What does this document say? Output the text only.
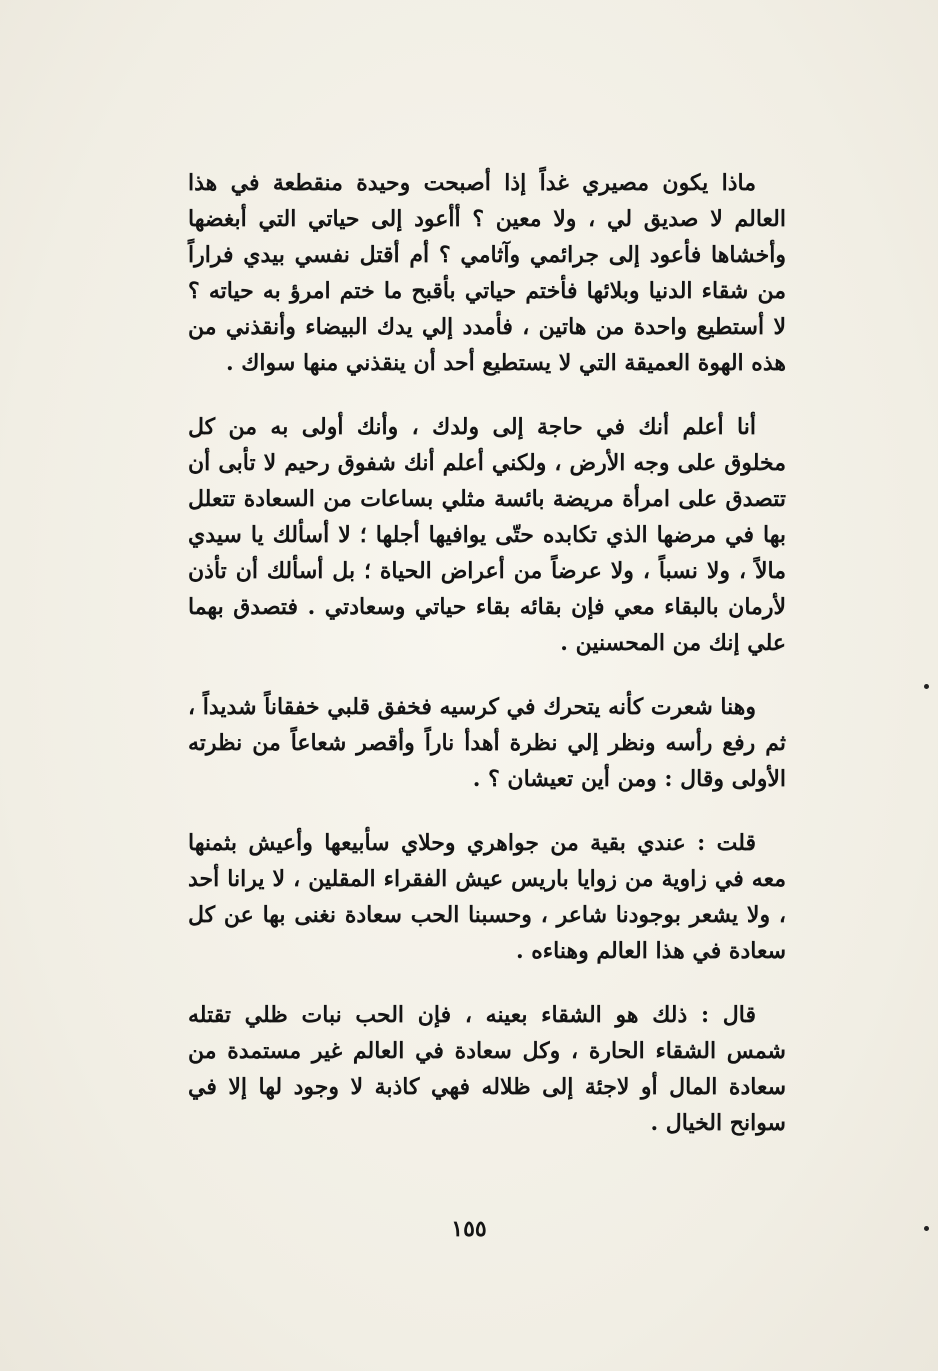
ماذا يكون مصيري غداً إذا أصبحت وحيدة منقطعة في هذا العالم لا صديق لي ، ولا معين ؟ أأعود إلى حياتي التي أبغضها وأخشاها فأعود إلى جرائمي وآثامي ؟ أم أقتل نفسي بيدي فراراً من شقاء الدنيا وبلائها فأختم حياتي بأقبح ما ختم امرؤ به حياته ؟ لا أستطيع واحدة من هاتين ، فأمدد إلي يدك البيضاء وأنقذني من هذه الهوة العميقة التي لا يستطيع أحد أن ينقذني منها سواك .

أنا أعلم أنك في حاجة إلى ولدك ، وأنك أولى به من كل مخلوق على وجه الأرض ، ولكني أعلم أنك شفوق رحيم لا تأبى أن تتصدق على امرأة مريضة بائسة مثلي بساعات من السعادة تتعلل بها في مرضها الذي تكابده حتّى يوافيها أجلها ؛ لا أسألك يا سيدي مالاً ، ولا نسباً ، ولا عرضاً من أعراض الحياة ؛ بل أسألك أن تأذن لأرمان بالبقاء معي فإن بقائه بقاء حياتي وسعادتي . فتصدق بهما علي إنك من المحسنين .

وهنا شعرت كأنه يتحرك في كرسيه فخفق قلبي خفقاناً شديداً ، ثم رفع رأسه ونظر إلي نظرة أهدأ ناراً وأقصر شعاعاً من نظرته الأولى وقال : ومن أين تعيشان ؟ .

قلت : عندي بقية من جواهري وحلاي سأبيعها وأعيش بثمنها معه في زاوية من زوايا باريس عيش الفقراء المقلين ، لا يرانا أحد ، ولا يشعر بوجودنا شاعر ، وحسبنا الحب سعادة نغنى بها عن كل سعادة في هذا العالم وهناءه .

قال : ذلك هو الشقاء بعينه ، فإن الحب نبات ظلي تقتله شمس الشقاء الحارة ، وكل سعادة في العالم غير مستمدة من سعادة المال أو لاجئة إلى ظلاله فهي كاذبة لا وجود لها إلا في سوانح الخيال .

١٥٥
